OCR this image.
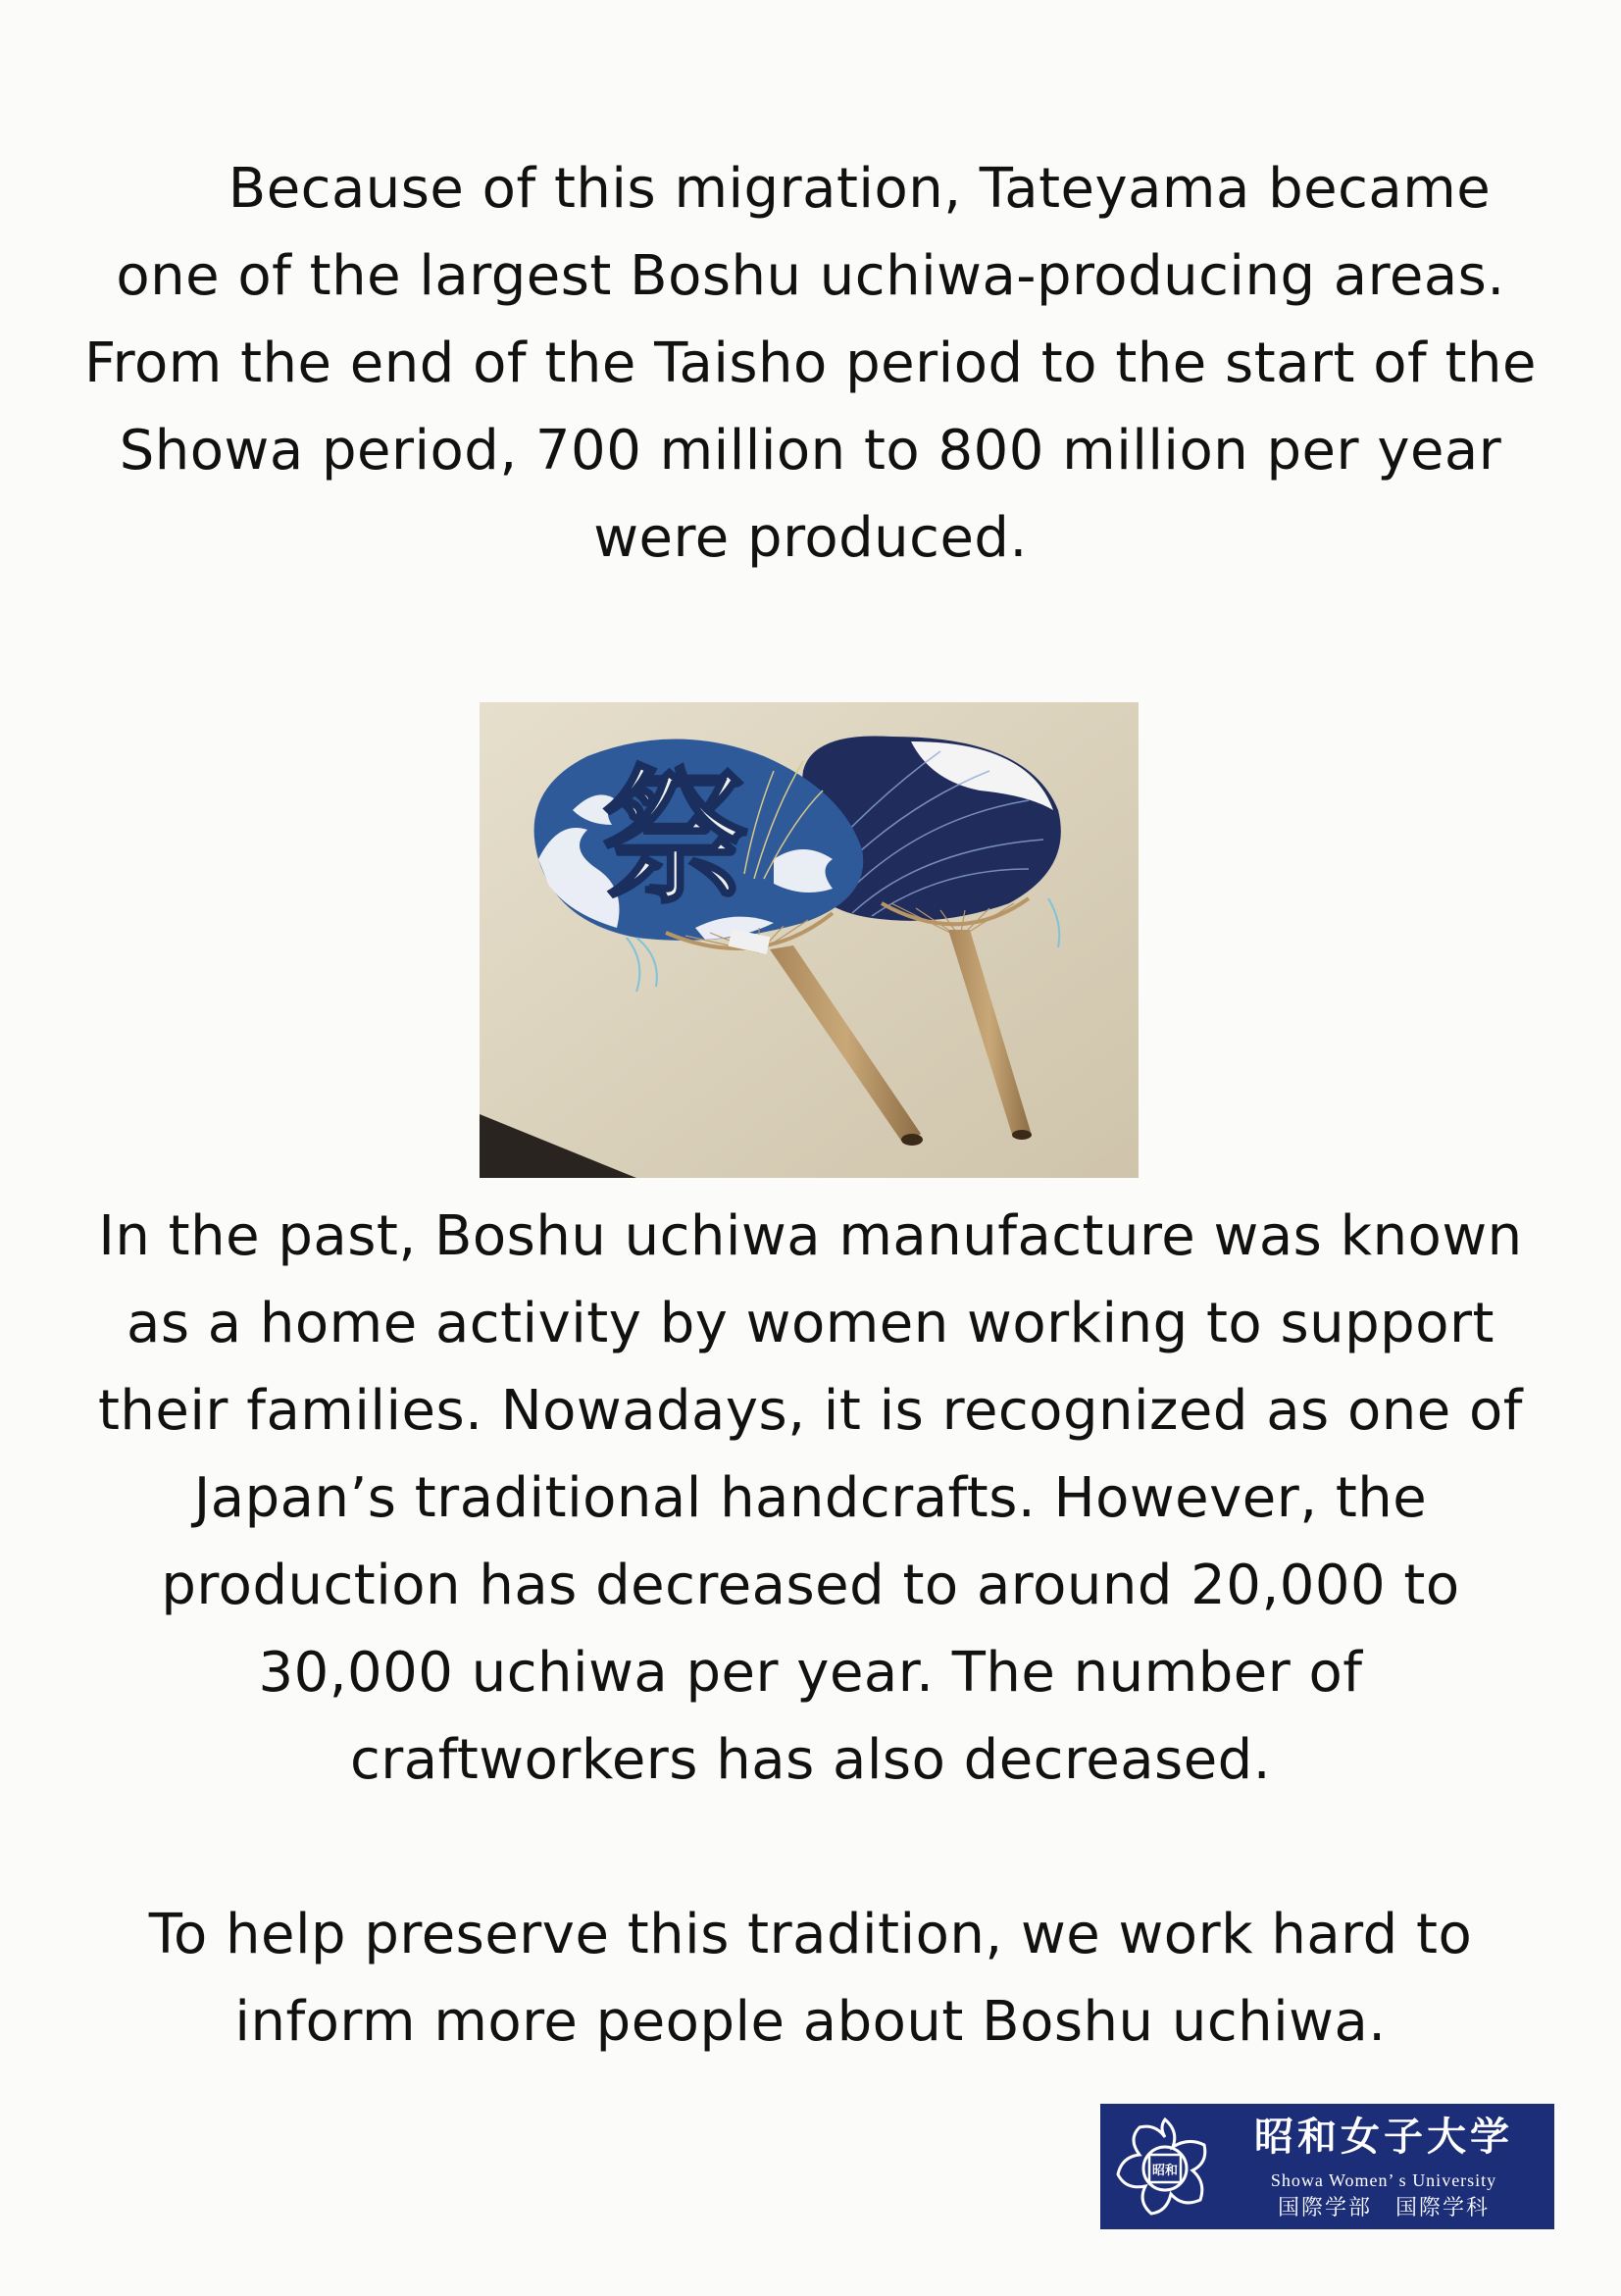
Because of this migration, Tateyama became one of the largest Boshu uchiwa-producing areas. From the end of the Taisho period to the start of the Showa period, 700 million to 800 million per year were produced.

祭

In the past, Boshu uchiwa manufacture was known as a home activity by women working to support their families. Nowadays, it is recognized as one of Japan’s traditional handcrafts. However, the production has decreased to around 20,000 to 30,000 uchiwa per year. The number of craftworkers has also decreased.

To help preserve this tradition, we work hard to inform more people about Boshu uchiwa.

昭和
昭和女子大学
Showa Women’ s University
国際学部　国際学科
